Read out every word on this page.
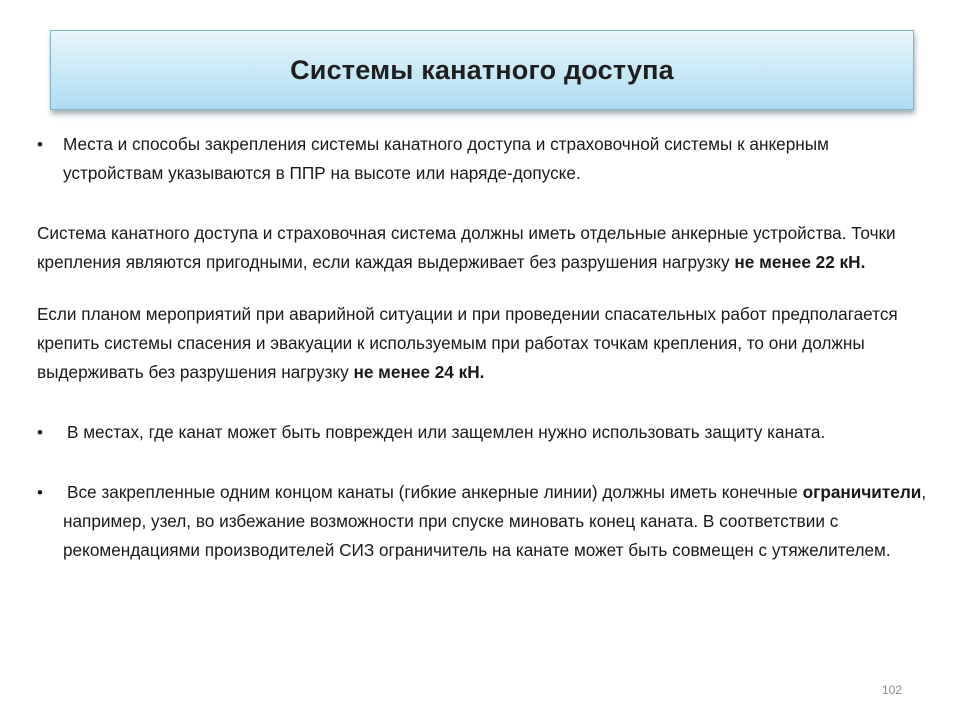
Системы канатного доступа

•	Места и способы закрепления системы канатного доступа и страховочной системы к анкерным устройствам указываются в ППР на высоте или наряде-допуске.

Система канатного доступа и страховочная система должны иметь отдельные анкерные устройства. Точки крепления являются пригодными, если каждая выдерживает без разрушения нагрузку не менее 22 кН.

Если планом мероприятий при аварийной ситуации и при проведении спасательных работ предполагается крепить системы спасения и эвакуации к используемым при работах точкам крепления, то они должны выдерживать без разрушения нагрузку не менее 24 кН.

•	В местах, где канат может быть поврежден или защемлен нужно использовать защиту каната.

•	Все закрепленные одним концом канаты (гибкие анкерные линии) должны иметь конечные ограничители, например, узел, во избежание возможности при спуске миновать конец каната. В соответствии с рекомендациями производителей СИЗ ограничитель на канате может быть совмещен с утяжелителем.

102
